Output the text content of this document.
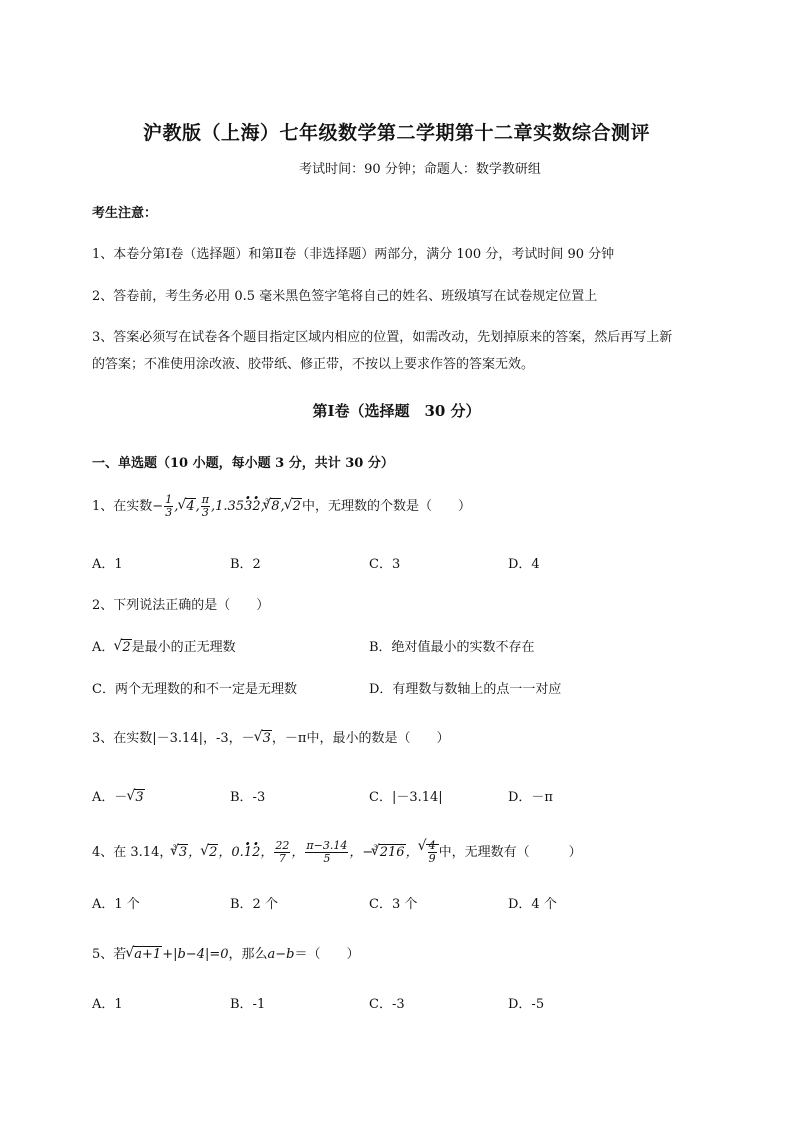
沪教版（上海）七年级数学第二学期第十二章实数综合测评
考试时间：90 分钟；命题人：数学教研组
考生注意：
1、本卷分第Ⅰ卷（选择题）和第Ⅱ卷（非选择题）两部分，满分 100 分，考试时间 90 分钟
2、答卷前，考生务必用 0.5 毫米黑色签字笔将自己的姓名、班级填写在试卷规定位置上
3、答案必须写在试卷各个题目指定区域内相应的位置，如需改动，先划掉原来的答案，然后再写上新
的答案；不准使用涂改液、胶带纸、修正带，不按以上要求作答的答案无效。
第Ⅰ卷（选择题　30 分）
一、单选题（10 小题，每小题 3 分，共计 30 分）
1、在实数− $\frac{1}{3}$ ,√ 4, $\frac{\pi}{3} ,1.353 \cdot 2 \cdot,^3√$ 8,√ 2中，无理数的个数是（　　）
A．1	B．2	C．3	D．4
2、下列说法正确的是（　　）
A．√ 2是最小的正无理数	B．绝对值最小的实数不存在
C．两个无理数的和不一定是无理数	D．有理数与数轴上的点一一对应
3、在实数|－3.14|，-3，－√ 3，－π中，最小的数是（　　）
A．－√ 3	B．-3	C．|－3.14|	D．－π
4、在 3.14，$^3$√ 3，√ 2，0.1 ·2 ·， $\frac{22}{7}$ ， $\frac{\pi-3.14}{5}$ ，−$^3$√ 216，
√ $\frac{4}{9}$ 中，无理数有（　　　）
A．1 个	B．2 个	C．3 个	D．4 个
5、若√ a+1+|b−4|=0，那么a−b＝（　　）
A．1	B．-1	C．-3	D．-5
